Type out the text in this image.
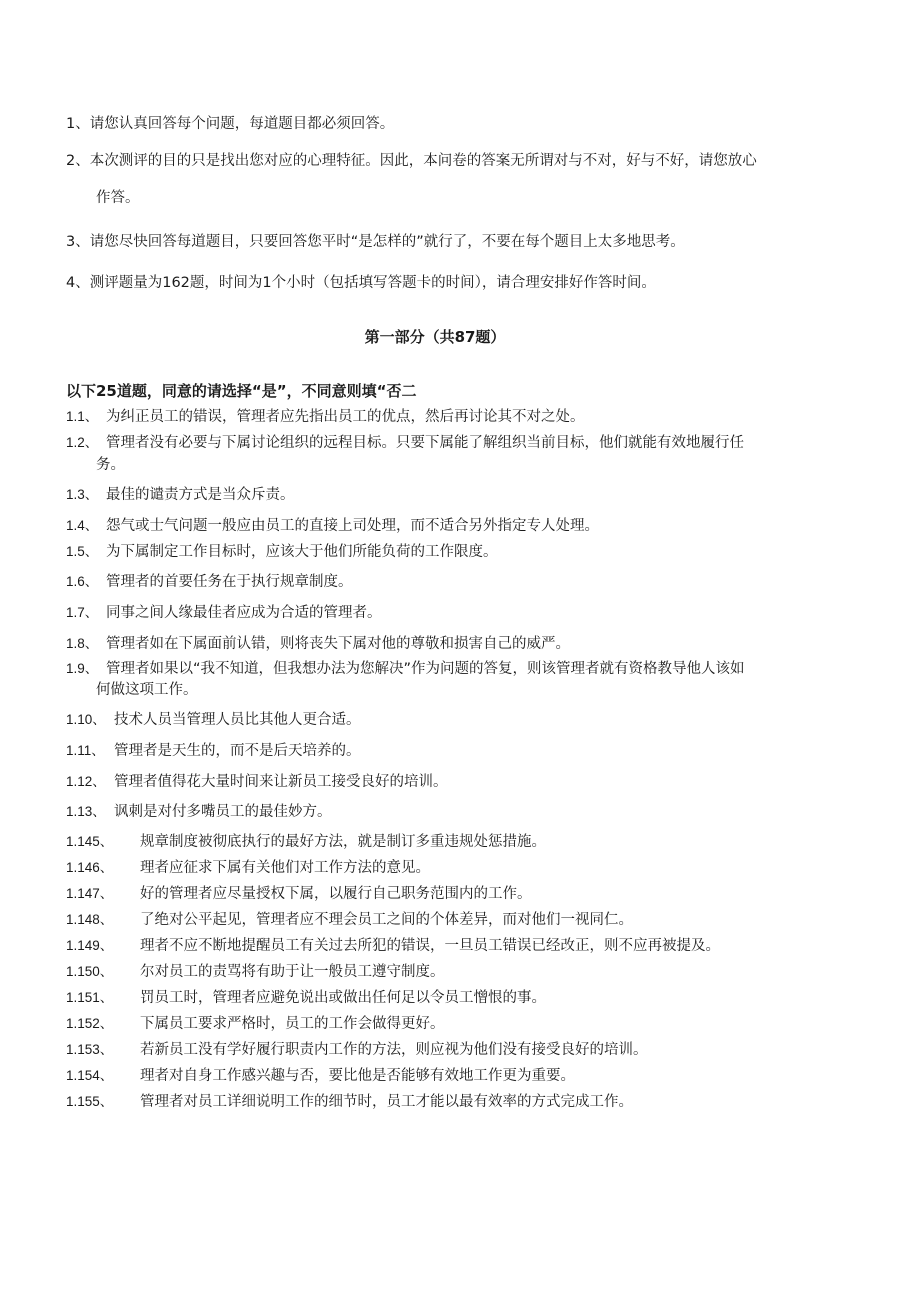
1、请您认真回答每个问题，每道题目都必须回答。
2、本次测评的目的只是找出您对应的心理特征。因此，本问卷的答案无所谓对与不对，好与不好，请您放心
作答。
3、请您尽快回答每道题目，只要回答您平时“是怎样的”就行了，不要在每个题目上太多地思考。
4、测评题量为162题，时间为1个小时（包括填写答题卡的时间），请合理安排好作答时间。
第一部分（共87题）
以下25道题，同意的请选择“是”，不同意则填“否二
1.1、 为纠正员工的错误，管理者应先指出员工的优点，然后再讨论其不对之处。
1.2、 管理者没有必要与下属讨论组织的远程目标。只要下属能了解组织当前目标，他们就能有效地履行任
务。
1.3、 最佳的谴责方式是当众斥责。
1.4、 怨气或士气问题一般应由员工的直接上司处理，而不适合另外指定专人处理。
1.5、 为下属制定工作目标时，应该大于他们所能负荷的工作限度。
1.6、 管理者的首要任务在于执行规章制度。
1.7、 同事之间人缘最佳者应成为合适的管理者。
1.8、 管理者如在下属面前认错，则将丧失下属对他的尊敬和损害自己的威严。
1.9、 管理者如果以“我不知道，但我想办法为您解决”作为问题的答复，则该管理者就有资格教导他人该如
何做这项工作。
1.10、 技术人员当管理人员比其他人更合适。
1.11、 管理者是天生的，而不是后天培养的。
1.12、 管理者值得花大量时间来让新员工接受良好的培训。
1.13、 讽刺是对付多嘴员工的最佳妙方。
1.145、 规章制度被彻底执行的最好方法，就是制订多重违规处惩措施。
1.146、 理者应征求下属有关他们对工作方法的意见。
1.147、 好的管理者应尽量授权下属，以履行自己职务范围内的工作。
1.148、 了绝对公平起见，管理者应不理会员工之间的个体差异，而对他们一视同仁。
1.149、 理者不应不断地提醒员工有关过去所犯的错误，一旦员工错误已经改正，则不应再被提及。
1.150、 尔对员工的责骂将有助于让一般员工遵守制度。
1.151、 罚员工时，管理者应避免说出或做出任何足以令员工憎恨的事。
1.152、 下属员工要求严格时，员工的工作会做得更好。
1.153、 若新员工没有学好履行职责内工作的方法，则应视为他们没有接受良好的培训。
1.154、 理者对自身工作感兴趣与否，要比他是否能够有效地工作更为重要。
1.155、 管理者对员工详细说明工作的细节时，员工才能以最有效率的方式完成工作。
